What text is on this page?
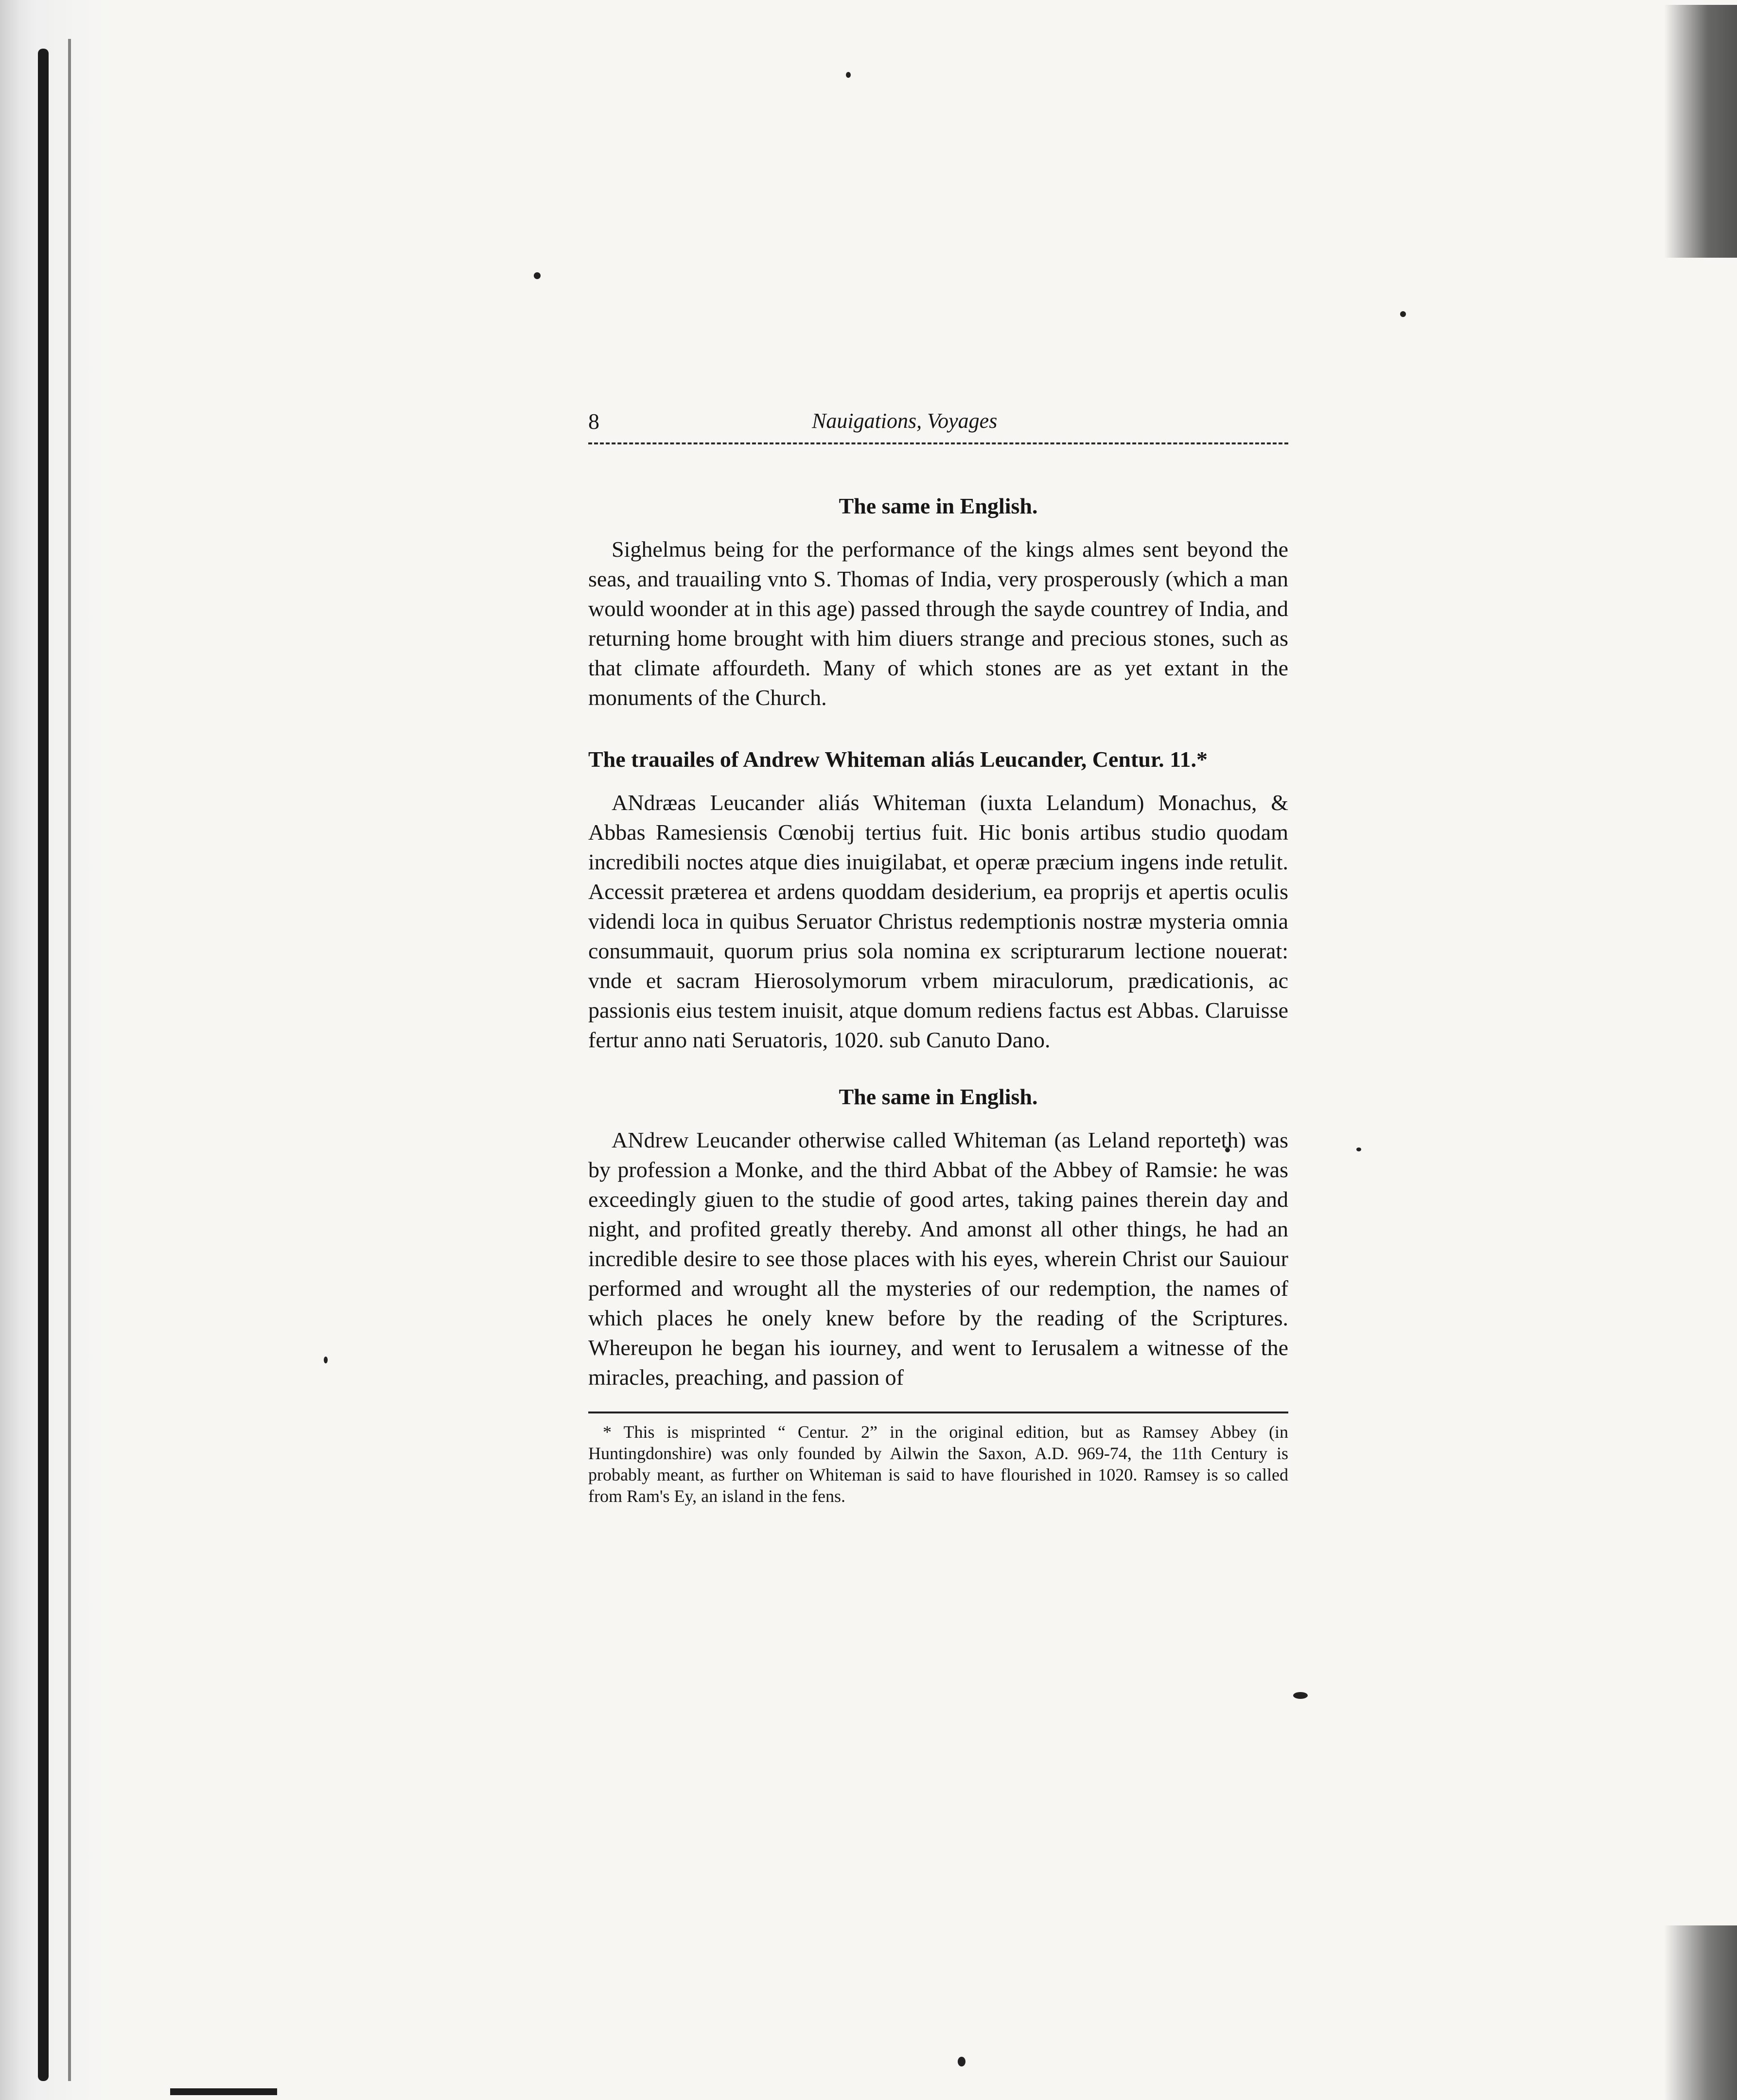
8	Nauigations, Voyages
The same in English.

Sighelmus being for the performance of the kings almes sent beyond the seas, and trauailing vnto S. Thomas of India, very prosperously (which a man would woonder at in this age) passed through the sayde countrey of India, and returning home brought with him diuers strange and precious stones, such as that climate affourdeth. Many of which stones are as yet extant in the monuments of the Church.

The trauailes of Andrew Whiteman aliás Leucander, Centur. 11.*

ANdræas Leucander aliás Whiteman (iuxta Lelandum) Monachus, & Abbas Ramesiensis Cœnobij tertius fuit. Hic bonis artibus studio quodam incredibili noctes atque dies inuigilabat, et operæ præcium ingens inde retulit. Accessit præterea et ardens quoddam desiderium, ea proprijs et apertis oculis videndi loca in quibus Seruator Christus redemptionis nostræ mysteria omnia consummauit, quorum prius sola nomina ex scripturarum lectione nouerat: vnde et sacram Hierosolymorum vrbem miraculorum, prædicationis, ac passionis eius testem inuisit, atque domum rediens factus est Abbas. Claruisse fertur anno nati Seruatoris, 1020. sub Canuto Dano.

The same in English.

ANdrew Leucander otherwise called Whiteman (as Leland reporteth) was by profession a Monke, and the third Abbat of the Abbey of Ramsie: he was exceedingly giuen to the studie of good artes, taking paines therein day and night, and profited greatly thereby. And amonst all other things, he had an incredible desire to see those places with his eyes, wherein Christ our Sauiour performed and wrought all the mysteries of our redemption, the names of which places he onely knew before by the reading of the Scriptures. Whereupon he began his iourney, and went to Ierusalem a witnesse of the miracles, preaching, and passion of

* This is misprinted “ Centur. 2” in the original edition, but as Ramsey Abbey (in Huntingdonshire) was only founded by Ailwin the Saxon, A.D. 969-74, the 11th Century is probably meant, as further on Whiteman is said to have flourished in 1020. Ramsey is so called from Ram's Ey, an island in the fens.
